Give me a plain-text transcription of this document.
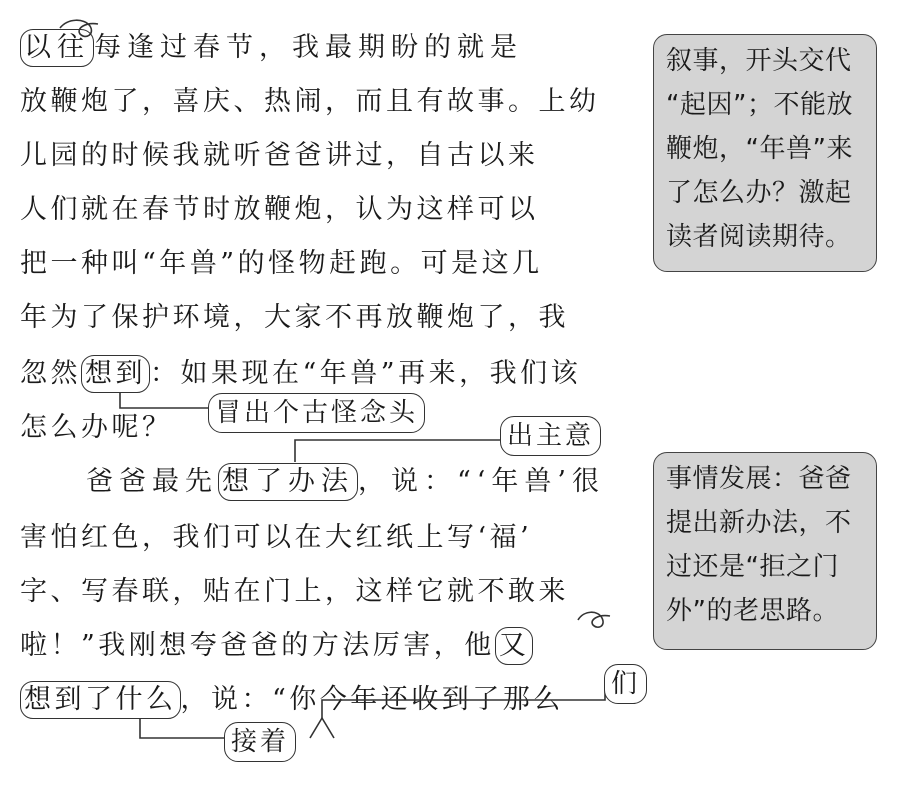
以往 每逢过春节，我最期盼的就是
放鞭炮了，喜庆、热闹，而且有故事。上幼
儿园的时候我就听爸爸讲过，自古以来
人们就在春节时放鞭炮，认为这样可以
把一种叫“年兽”的怪物赶跑。可是这几
年为了保护环境，大家不再放鞭炮了，我
忽然 想到 ：如果现在“年兽”再来，我们该
怎么办呢？
　　爸爸最先 想了办法 ，说：“‘年兽’很
害怕红色，我们可以在大红纸上写‘福’
字、写春联，贴在门上，这样它就不敢来
啦！”我刚想夸爸爸的方法厉害，他 又
想到了什么 ，说：“你今年还收到了那么
冒出个古怪念头
出主意
们
接着
叙事，开头交代
“起因”；不能放
鞭炮，“年兽”来
了怎么办？激起
读者阅读期待。
事情发展：爸爸
提出新办法，不
过还是“拒之门
外”的老思路。
